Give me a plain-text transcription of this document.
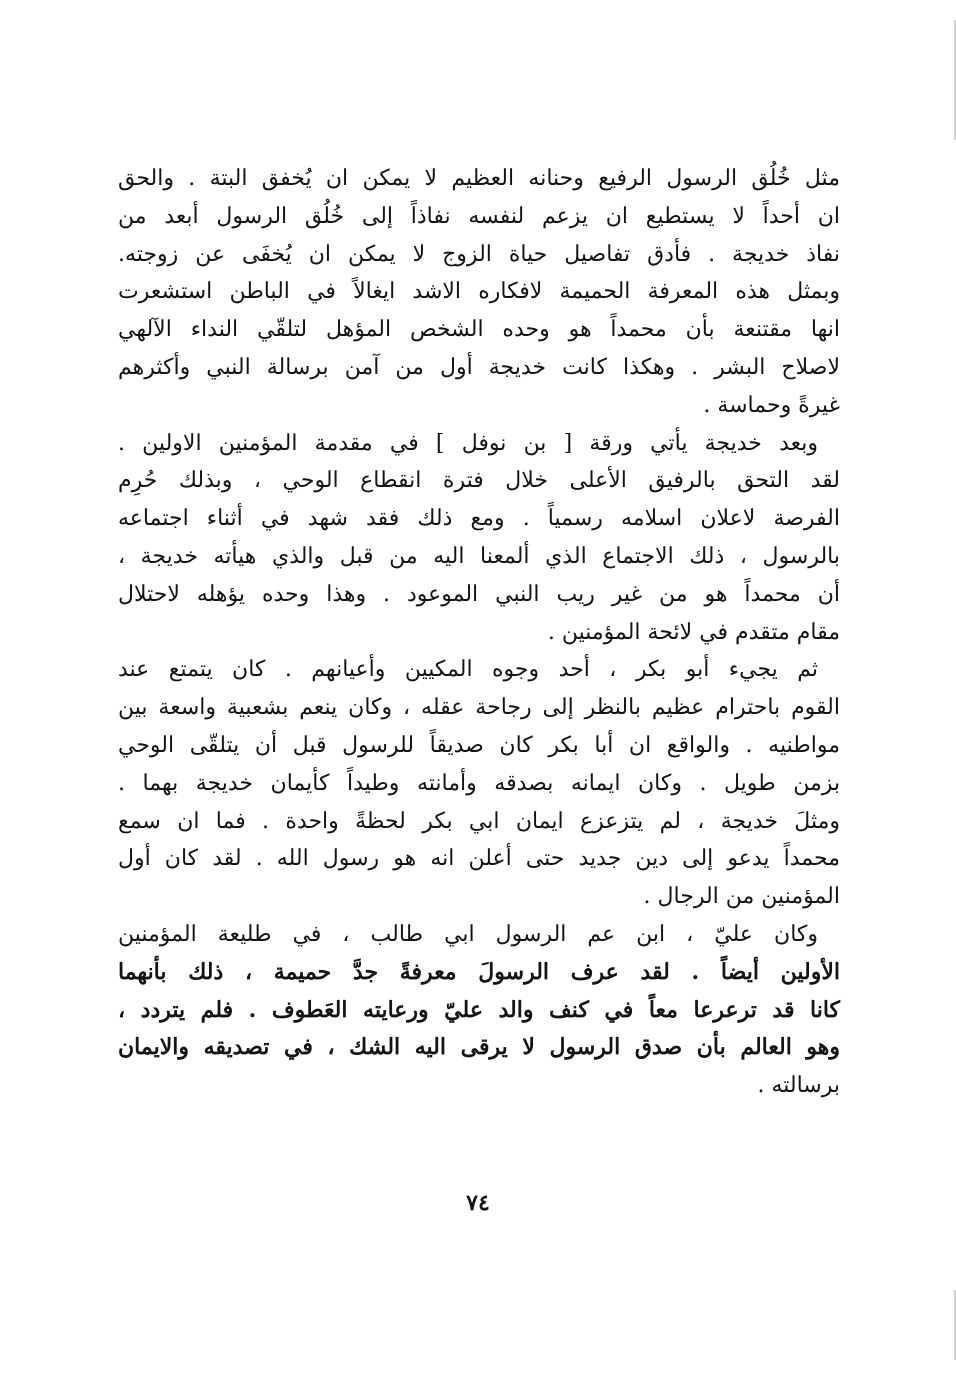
مثل خُلُق الرسول الرفيع وحنانه العظيم لا يمكن ان يُخفق البتة . والحق
ان أحداً لا يستطيع ان يزعم لنفسه نفاذاً إلى خُلُق الرسول أبعد من
نفاذ خديجة . فأدق تفاصيل حياة الزوج لا يمكن ان يُخفَى عن زوجته.
وبمثل هذه المعرفة الحميمة لافكاره الاشد ايغالاً في الباطن استشعرت
انها مقتنعة بأن محمداً هو وحده الشخص المؤهل لتلقّي النداء الآلهي
لاصلاح البشر . وهكذا كانت خديجة أول من آمن برسالة النبي وأكثرهم
غيرةً وحماسة .
وبعد خديجة يأتي ورقة [ بن نوفل ] في مقدمة المؤمنين الاولين .
لقد التحق بالرفيق الأعلى خلال فترة انقطاع الوحي ، وبذلك حُرِم
الفرصة لاعلان اسلامه رسمياً . ومع ذلك فقد شهد في أثناء اجتماعه
بالرسول ، ذلك الاجتماع الذي ألمعنا اليه من قبل والذي هيأته خديجة ،
أن محمداً هو من غير ريب النبي الموعود . وهذا وحده يؤهله لاحتلال
مقام متقدم في لائحة المؤمنين .
ثم يجيء أبو بكر ، أحد وجوه المكيين وأعيانهم . كان يتمتع عند
القوم باحترام عظيم بالنظر إلى رجاحة عقله ، وكان ينعم بشعبية واسعة بين
مواطنيه . والواقع ان أبا بكر كان صديقاً للرسول قبل أن يتلقّى الوحي
بزمن طويل . وكان ايمانه بصدقه وأمانته وطيداً كأيمان خديجة بهما .
ومثلَ خديجة ، لم يتزعزع ايمان ابي بكر لحظةً واحدة . فما ان سمع
محمداً يدعو إلى دين جديد حتى أعلن انه هو رسول الله . لقد كان أول
المؤمنين من الرجال .
وكان عليّ ، ابن عم الرسول ابي طالب ، في طليعة المؤمنين
الأولين أيضاً . لقد عرف الرسولَ معرفةً جدَّ حميمة ، ذلك بأنهما
كانا قد ترعرعا معاً في كنف والد عليّ ورعايته العَطوف . فلم يتردد ،
وهو العالم بأن صدق الرسول لا يرقى اليه الشك ، في تصديقه والايمان
برسالته .
٧٤
